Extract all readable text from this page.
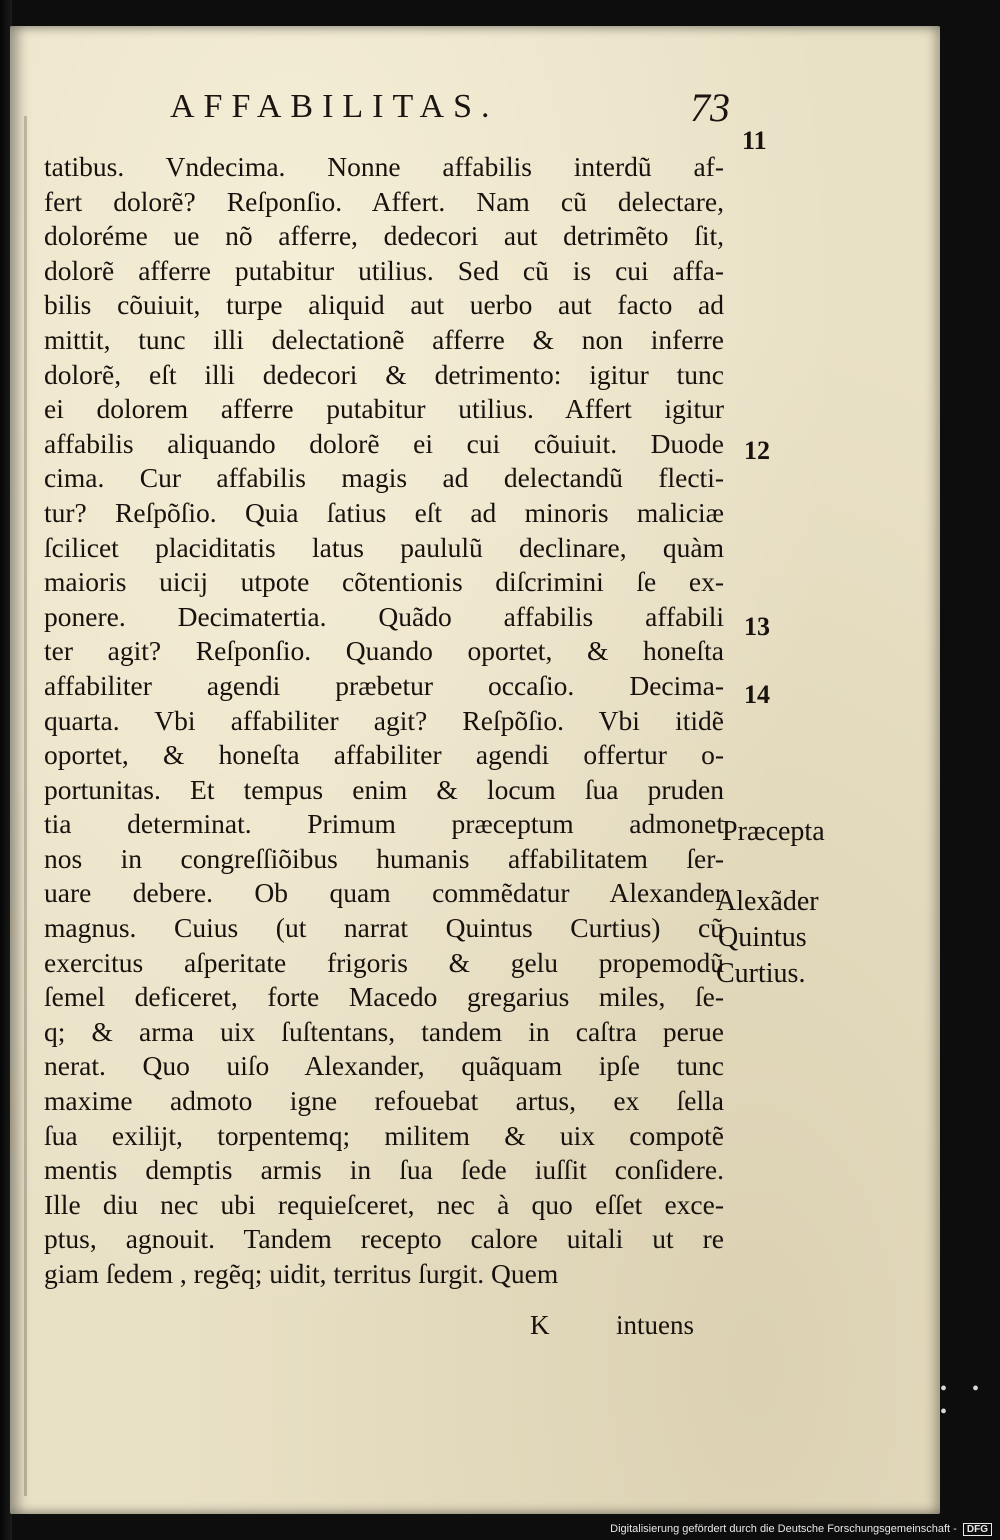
AFFABILITAS.	73
tatibus. Vndecima. Nonne affabilis interdũ af-
fert dolorẽ? Reſponſio. Affert. Nam cũ delectare,
doloréme ue nõ afferre, dedecori aut detrimẽto ſit,
dolorẽ afferre putabitur utilius. Sed cũ is cui affa-
bilis cõuiuit, turpe aliquid aut uerbo aut facto ad
mittit, tunc illi delectationẽ afferre & non inferre
dolorẽ, eſt illi dedecori & detrimento: igitur tunc
ei dolorem afferre putabitur utilius. Affert igitur
affabilis aliquando dolorẽ ei cui cõuiuit. Duode
cima. Cur affabilis magis ad delectandũ flecti-
tur? Reſpõſio. Quia ſatius eſt ad minoris maliciæ
ſcilicet placiditatis latus paululũ declinare, quàm
maioris uicij utpote cõtentionis diſcrimini ſe ex-
ponere. Decimatertia. Quãdo affabilis affabili
ter agit? Reſponſio. Quando oportet, & honeſta
affabiliter agendi præbetur occaſio. Decima-
quarta. Vbi affabiliter agit? Reſpõſio. Vbi itidẽ
oportet, & honeſta affabiliter agendi offertur o-
portunitas. Et tempus enim & locum ſua pruden
tia determinat. Primum præceptum admonet
nos in congreſſiõibus humanis affabilitatem ſer-
uare debere. Ob quam commẽdatur Alexander
magnus. Cuius (ut narrat Quintus Curtius) cũ
exercitus aſperitate frigoris & gelu propemodũ
ſemel deficeret, forte Macedo gregarius miles, ſe-
q; & arma uix ſuſtentans, tandem in caſtra perue
nerat. Quo uiſo Alexander, quãquam ipſe tunc
maxime admoto igne refouebat artus, ex ſella
ſua exilijt, torpentemq; militem & uix compotẽ
mentis demptis armis in ſua ſede iuſſit conſidere.
Ille diu nec ubi requieſceret, nec à quo eſſet exce-
ptus, agnouit. Tandem recepto calore uitali ut re
giam ſedem , regẽq; uidit, territus ſurgit. Quem
11
12
13
14
Præcepta
Alexãder
Quintus
Curtius.
K intuens
• • •
Digitalisierung gefördert durch die Deutsche Forschungsgemeinschaft - DFG
